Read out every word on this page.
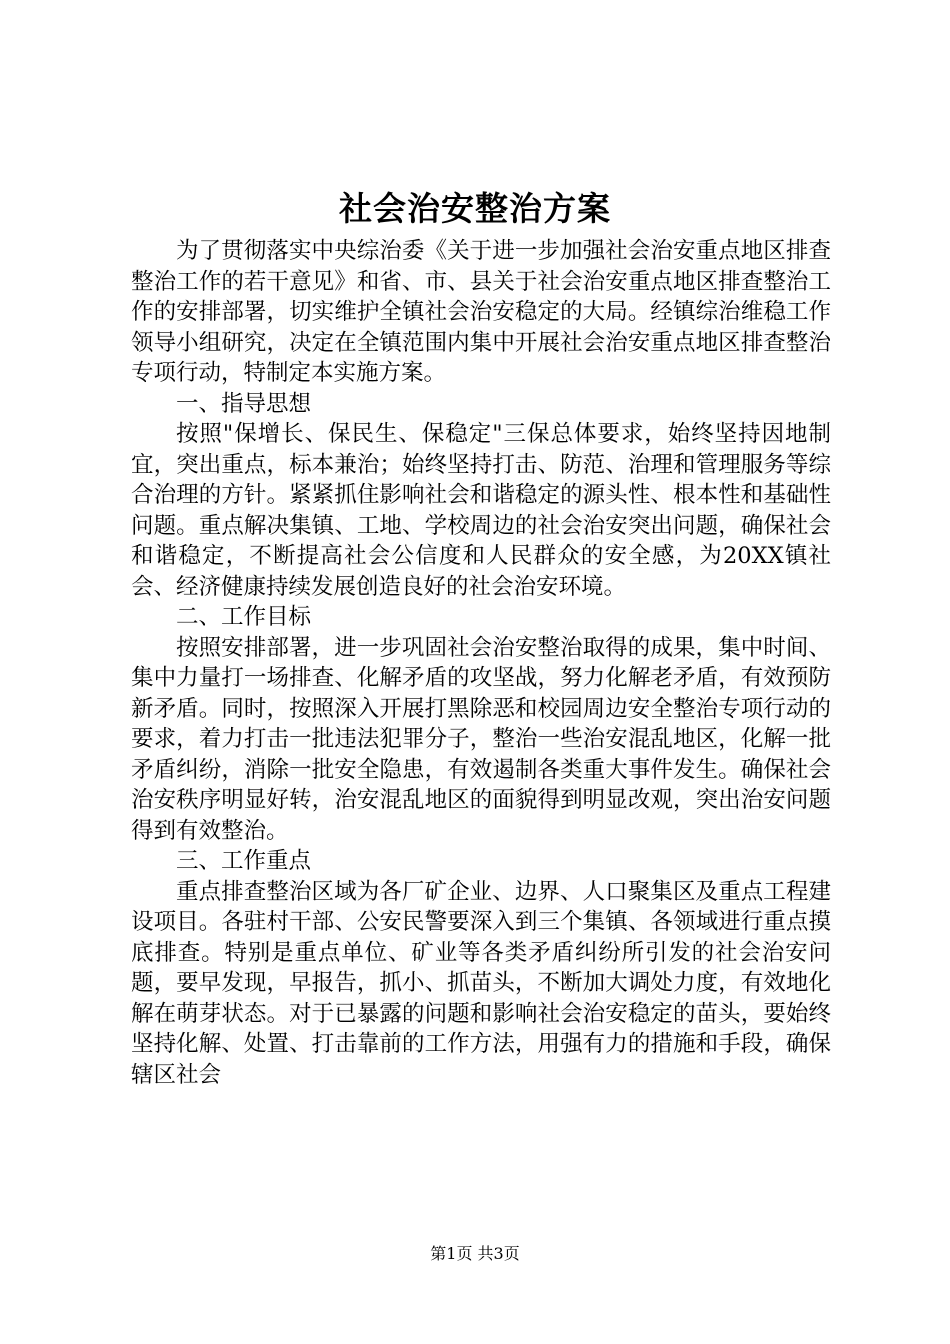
社会治安整治方案

为了贯彻落实中央综治委《关于进一步加强社会治安重点地区排查整治工作的若干意见》和省、市、县关于社会治安重点地区排查整治工作的安排部署，切实维护全镇社会治安稳定的大局。经镇综治维稳工作领导小组研究，决定在全镇范围内集中开展社会治安重点地区排查整治专项行动，特制定本实施方案。

一、指导思想

按照"保增长、保民生、保稳定"三保总体要求，始终坚持因地制宜，突出重点，标本兼治；始终坚持打击、防范、治理和管理服务等综合治理的方针。紧紧抓住影响社会和谐稳定的源头性、根本性和基础性问题。重点解决集镇、工地、学校周边的社会治安突出问题，确保社会和谐稳定，不断提高社会公信度和人民群众的安全感，为20XX镇社会、经济健康持续发展创造良好的社会治安环境。

二、工作目标

按照安排部署，进一步巩固社会治安整治取得的成果，集中时间、集中力量打一场排查、化解矛盾的攻坚战，努力化解老矛盾，有效预防新矛盾。同时，按照深入开展打黑除恶和校园周边安全整治专项行动的要求，着力打击一批违法犯罪分子，整治一些治安混乱地区，化解一批矛盾纠纷，消除一批安全隐患，有效遏制各类重大事件发生。确保社会治安秩序明显好转，治安混乱地区的面貌得到明显改观，突出治安问题得到有效整治。

三、工作重点

重点排查整治区域为各厂矿企业、边界、人口聚集区及重点工程建设项目。各驻村干部、公安民警要深入到三个集镇、各领域进行重点摸底排查。特别是重点单位、矿业等各类矛盾纠纷所引发的社会治安问题，要早发现，早报告，抓小、抓苗头，不断加大调处力度，有效地化解在萌芽状态。对于已暴露的问题和影响社会治安稳定的苗头，要始终坚持化解、处置、打击靠前的工作方法，用强有力的措施和手段，确保辖区社会

第1页 共3页
